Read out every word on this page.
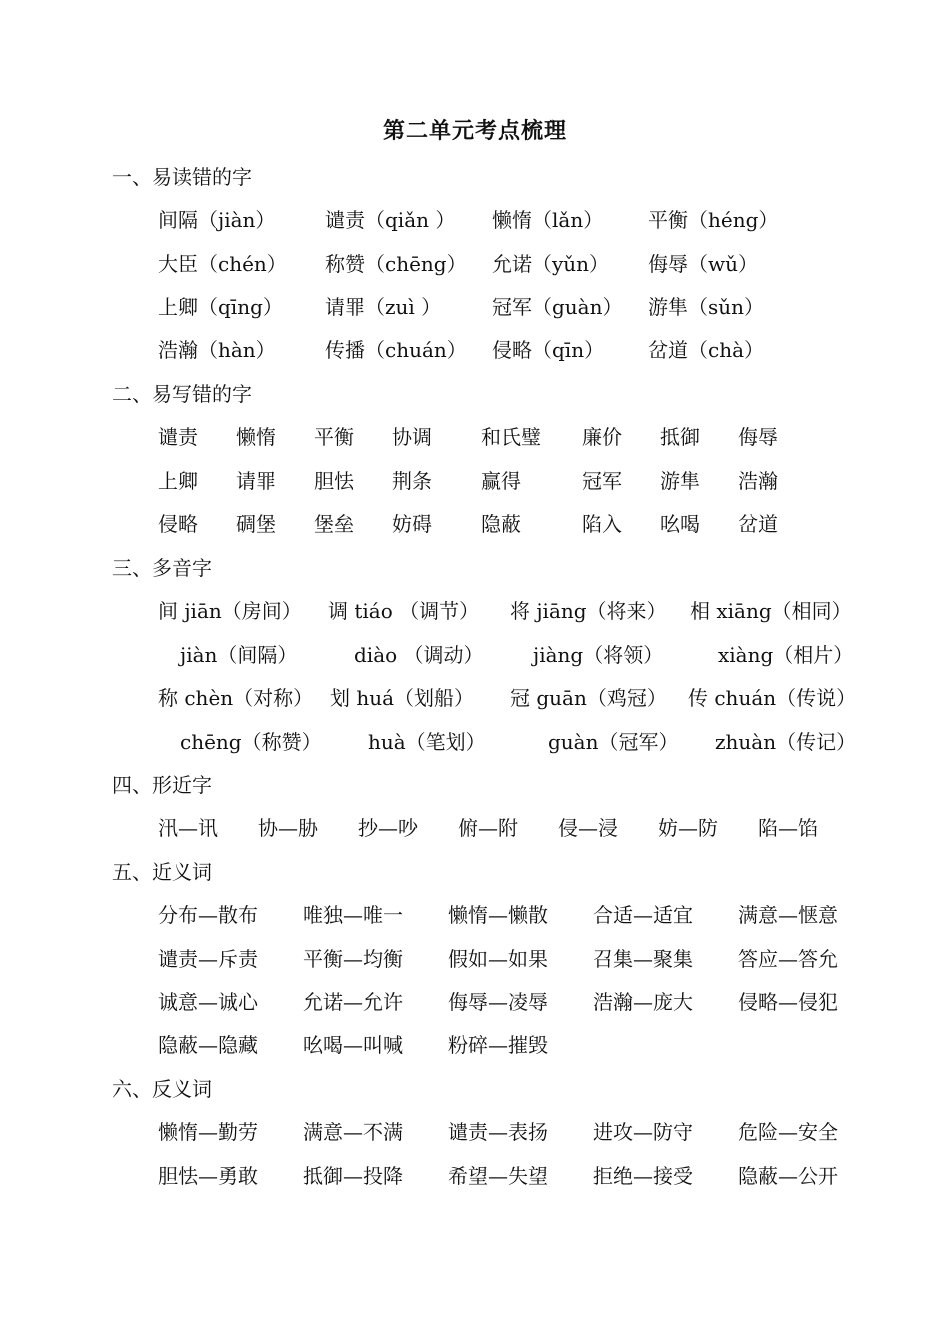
第二单元考点梳理
一、易读错的字
间隔（jiàn） 谴责（qiǎn ） 懒惰（lǎn） 平衡（héng）
大臣（chén） 称赞（chēng） 允诺（yǔn） 侮辱（wǔ）
上卿（qīng） 请罪（zuì ）	冠军（guàn） 游隼（sǔn）
浩瀚（hàn） 传播（chuán） 侵略（qīn） 岔道（chà）
二、易写错的字
谴责 懒惰 平衡 协调 和氏璧 廉价 抵御 侮辱
上卿 请罪 胆怯 荆条 赢得	冠军 游隼 浩瀚
侵略 碉堡 堡垒 妨碍 隐蔽	陷入 吆喝 岔道
三、多音字
间 jiān（房间） 调 tiáo （调节） 将 jiāng（将来） 相 xiāng（相同）
jiàn（间隔）	diào （调动） jiàng（将领）	xiàng（相片）
称 chèn（对称） 划 huá（划船） 冠 guān（鸡冠） 传 chuán（传说）
chēng（称赞） huà（笔划）	guàn（冠军） zhuàn（传记）
四、形近字
汛—讯 协—胁 抄—吵 俯—附 侵—浸 妨—防 陷—馅
五、近义词
分布—散布 唯独—唯一 懒惰—懒散 合适—适宜 满意—惬意
谴责—斥责 平衡—均衡 假如—如果 召集—聚集 答应—答允
诚意—诚心 允诺—允许 侮辱—凌辱 浩瀚—庞大 侵略—侵犯
隐蔽—隐藏 吆喝—叫喊 粉碎—摧毁
六、反义词
懒惰—勤劳 满意—不满 谴责—表扬 进攻—防守 危险—安全
胆怯—勇敢 抵御—投降 希望—失望 拒绝—接受 隐蔽—公开
